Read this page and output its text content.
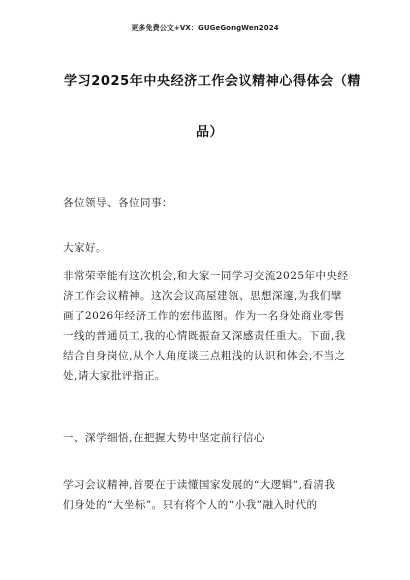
更多免费公文+VX：GUGeGongWen2024
学习2025年中央经济工作会议精神心得体会（精
品）
各位领导、各位同事：
大家好。
非常荣幸能有这次机会,和大家一同学习交流2025年中央经
济工作会议精神。这次会议高屋建瓴、思想深邃,为我们擘
画了2026年经济工作的宏伟蓝图。作为一名身处商业零售
一线的普通员工,我的心情既振奋又深感责任重大。下面,我
结合自身岗位,从个人角度谈三点粗浅的认识和体会,不当之
处,请大家批评指正。
一、深学细悟,在把握大势中坚定前行信心
学习会议精神,首要在于读懂国家发展的“大逻辑”,看清我
们身处的“大坐标”。只有将个人的“小我”融入时代的
